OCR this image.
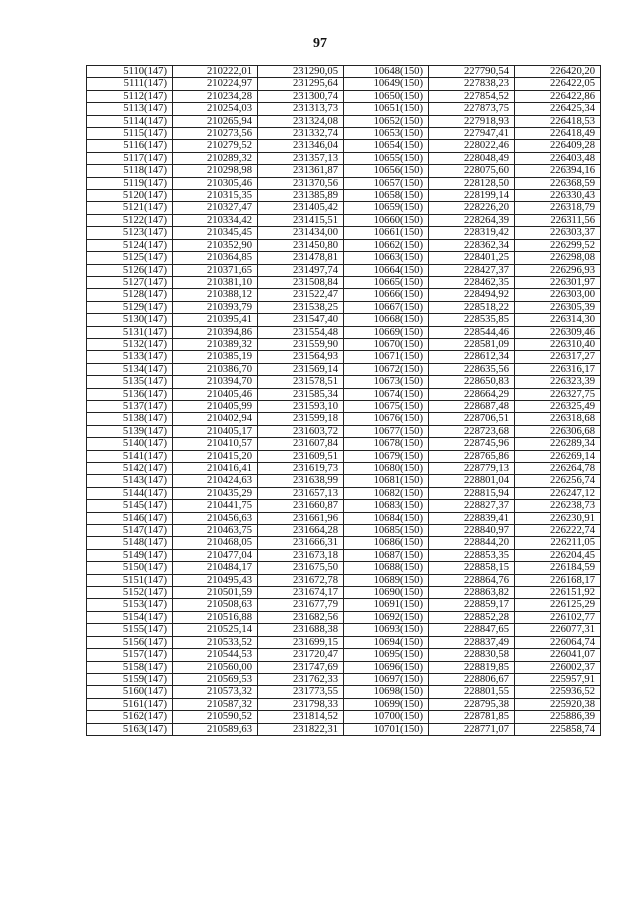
97
5110(147)	210222,01	231290,05	10648(150)	227790,54	226420,20
5111(147)	210224,97	231295,64	10649(150)	227838,23	226422,05
5112(147)	210234,28	231300,74	10650(150)	227854,52	226422,86
5113(147)	210254,03	231313,73	10651(150)	227873,75	226425,34
5114(147)	210265,94	231324,08	10652(150)	227918,93	226418,53
5115(147)	210273,56	231332,74	10653(150)	227947,41	226418,49
5116(147)	210279,52	231346,04	10654(150)	228022,46	226409,28
5117(147)	210289,32	231357,13	10655(150)	228048,49	226403,48
5118(147)	210298,98	231361,87	10656(150)	228075,60	226394,16
5119(147)	210305,46	231370,56	10657(150)	228128,50	226368,59
5120(147)	210315,35	231385,89	10658(150)	228199,14	226330,43
5121(147)	210327,47	231405,42	10659(150)	228226,20	226318,79
5122(147)	210334,42	231415,51	10660(150)	228264,39	226311,56
5123(147)	210345,45	231434,00	10661(150)	228319,42	226303,37
5124(147)	210352,90	231450,80	10662(150)	228362,34	226299,52
5125(147)	210364,85	231478,81	10663(150)	228401,25	226298,08
5126(147)	210371,65	231497,74	10664(150)	228427,37	226296,93
5127(147)	210381,10	231508,84	10665(150)	228462,35	226301,97
5128(147)	210388,12	231522,47	10666(150)	228494,92	226303,00
5129(147)	210393,79	231538,25	10667(150)	228518,22	226305,39
5130(147)	210395,41	231547,40	10668(150)	228535,85	226314,30
5131(147)	210394,86	231554,48	10669(150)	228544,46	226309,46
5132(147)	210389,32	231559,90	10670(150)	228581,09	226310,40
5133(147)	210385,19	231564,93	10671(150)	228612,34	226317,27
5134(147)	210386,70	231569,14	10672(150)	228635,56	226316,17
5135(147)	210394,70	231578,51	10673(150)	228650,83	226323,39
5136(147)	210405,46	231585,34	10674(150)	228664,29	226327,75
5137(147)	210405,99	231593,10	10675(150)	228687,48	226325,49
5138(147)	210402,94	231599,18	10676(150)	228706,51	226318,68
5139(147)	210405,17	231603,72	10677(150)	228723,68	226306,68
5140(147)	210410,57	231607,84	10678(150)	228745,96	226289,34
5141(147)	210415,20	231609,51	10679(150)	228765,86	226269,14
5142(147)	210416,41	231619,73	10680(150)	228779,13	226264,78
5143(147)	210424,63	231638,99	10681(150)	228801,04	226256,74
5144(147)	210435,29	231657,13	10682(150)	228815,94	226247,12
5145(147)	210441,75	231660,87	10683(150)	228827,37	226238,73
5146(147)	210456,63	231661,96	10684(150)	228839,41	226230,91
5147(147)	210463,75	231664,28	10685(150)	228840,97	226222,74
5148(147)	210468,05	231666,31	10686(150)	228844,20	226211,05
5149(147)	210477,04	231673,18	10687(150)	228853,35	226204,45
5150(147)	210484,17	231675,50	10688(150)	228858,15	226184,59
5151(147)	210495,43	231672,78	10689(150)	228864,76	226168,17
5152(147)	210501,59	231674,17	10690(150)	228863,82	226151,92
5153(147)	210508,63	231677,79	10691(150)	228859,17	226125,29
5154(147)	210516,88	231682,56	10692(150)	228852,28	226102,77
5155(147)	210525,14	231688,38	10693(150)	228847,65	226077,31
5156(147)	210533,52	231699,15	10694(150)	228837,49	226064,74
5157(147)	210544,53	231720,47	10695(150)	228830,58	226041,07
5158(147)	210560,00	231747,69	10696(150)	228819,85	226002,37
5159(147)	210569,53	231762,33	10697(150)	228806,67	225957,91
5160(147)	210573,32	231773,55	10698(150)	228801,55	225936,52
5161(147)	210587,32	231798,33	10699(150)	228795,38	225920,38
5162(147)	210590,52	231814,52	10700(150)	228781,85	225886,39
5163(147)	210589,63	231822,31	10701(150)	228771,07	225858,74
